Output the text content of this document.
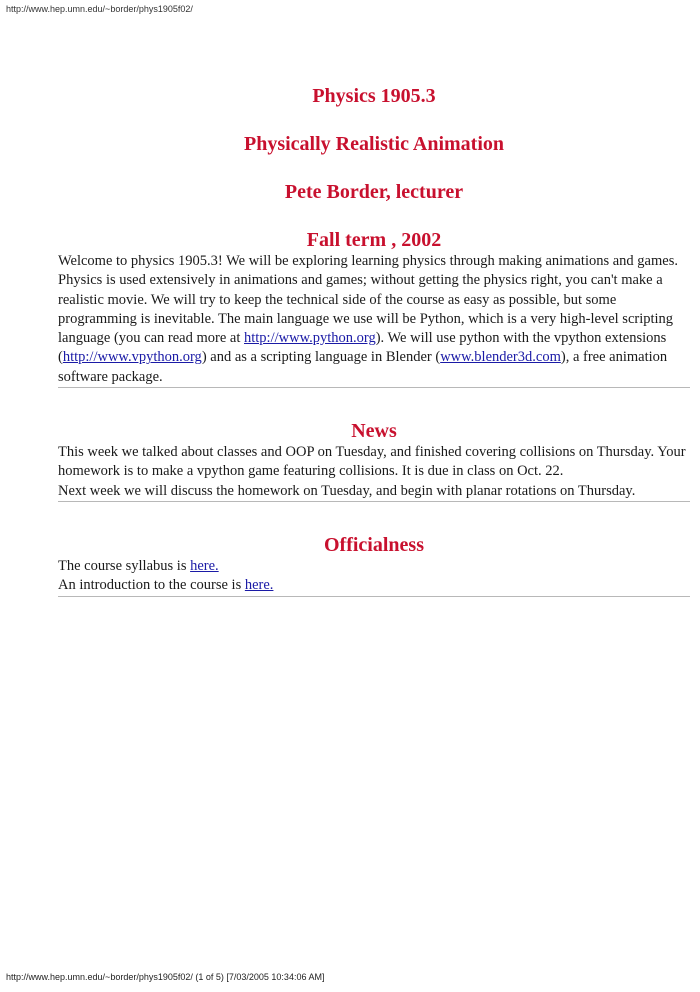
http://www.hep.umn.edu/~border/phys1905f02/
Physics 1905.3
Physically Realistic Animation
Pete Border, lecturer
Fall term , 2002

Welcome to physics 1905.3! We will be exploring learning physics through making animations and games. Physics is used extensively in animations and games; without getting the physics right, you can't make a realistic movie. We will try to keep the technical side of the course as easy as possible, but some programming is inevitable. The main language we use will be Python, which is a very high-level scripting language (you can read more at http://www.python.org). We will use python with the vpython extensions (http://www.vpython.org) and as a scripting language in Blender (www.blender3d.com), a free animation software package.

News

This week we talked about classes and OOP on Tuesday, and finished covering collisions on Thursday. Your homework is to make a vpython game featuring collisions. It is due in class on Oct. 22.

Next week we will discuss the homework on Tuesday, and begin with planar rotations on Thursday.

Officialness

The course syllabus is here.

An introduction to the course is here.

http://www.hep.umn.edu/~border/phys1905f02/ (1 of 5) [7/03/2005 10:34:06 AM]
